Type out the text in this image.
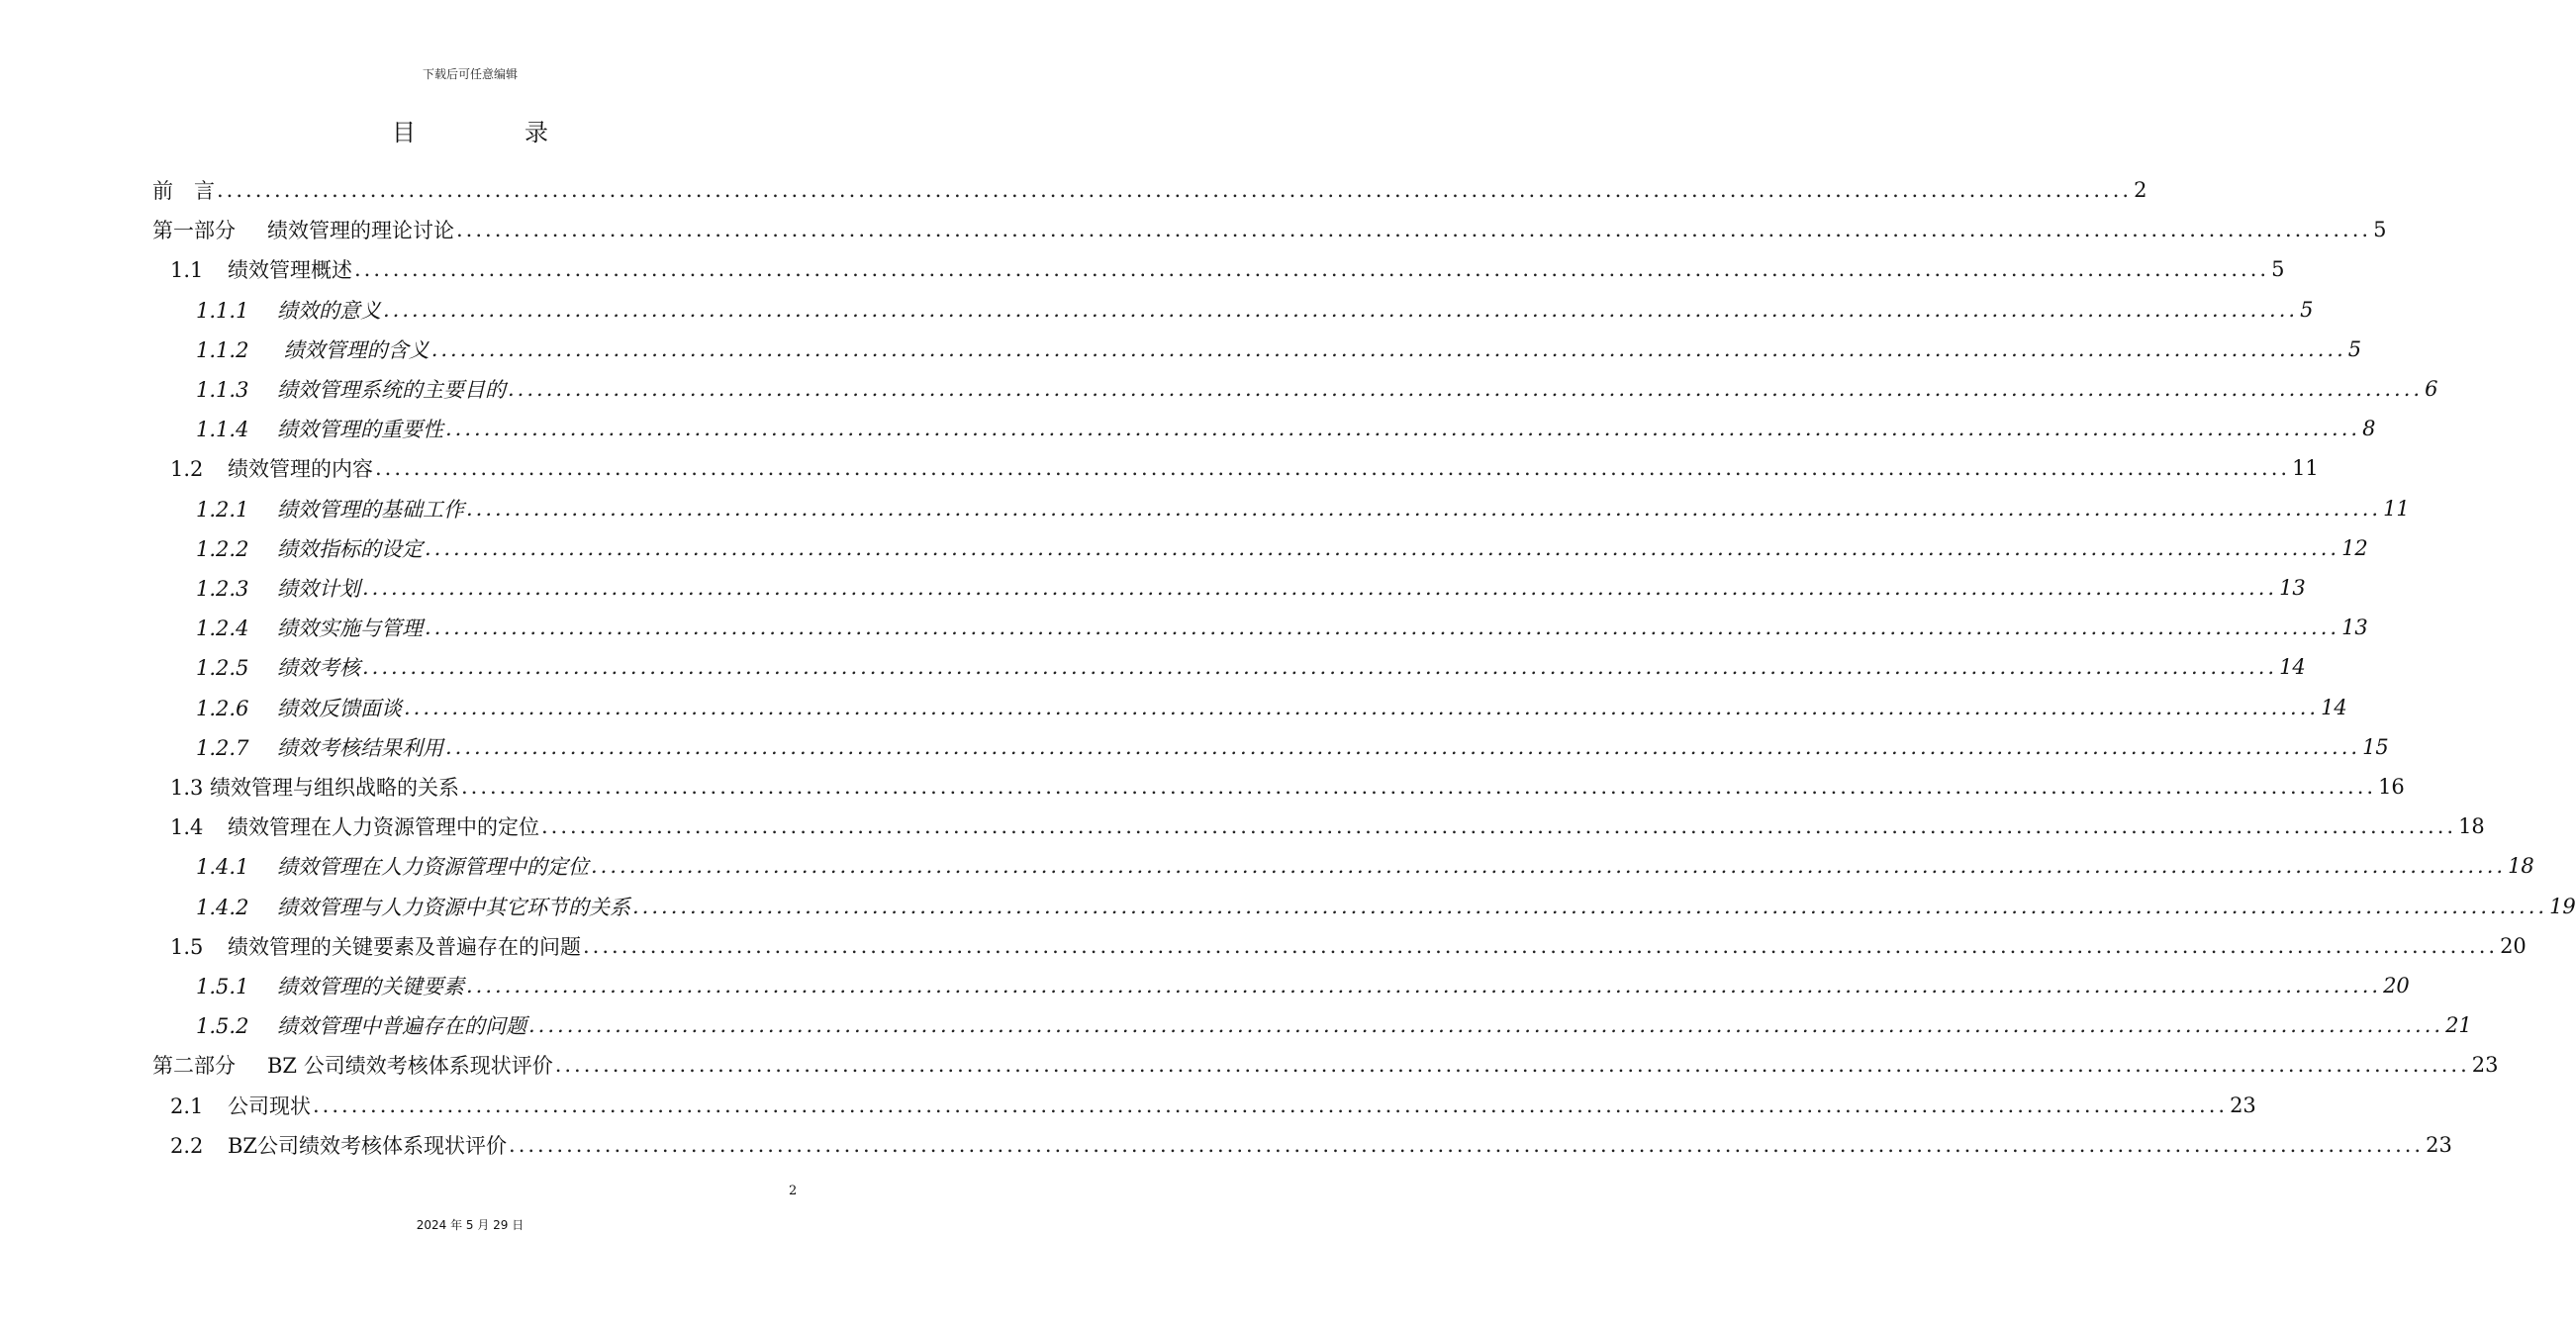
下载后可任意编辑
目	录
前　言 ........................................................................................................................................................................................................ 2
第一部分 绩效管理的理论讨论 ........................................................................................................................................................................................................ 5
1.1 绩效管理概述 ........................................................................................................................................................................................................ 5
1.1.1 绩效的意义 ........................................................................................................................................................................................................ 5
1.1.2 绩效管理的含义 ........................................................................................................................................................................................................ 5
1.1.3 绩效管理系统的主要目的 ........................................................................................................................................................................................................ 6
1.1.4 绩效管理的重要性 ........................................................................................................................................................................................................ 8
1.2 绩效管理的内容 ........................................................................................................................................................................................................ 11
1.2.1 绩效管理的基础工作 ........................................................................................................................................................................................................ 11
1.2.2 绩效指标的设定 ........................................................................................................................................................................................................ 12
1.2.3 绩效计划 ........................................................................................................................................................................................................ 13
1.2.4 绩效实施与管理 ........................................................................................................................................................................................................ 13
1.2.5 绩效考核 ........................................................................................................................................................................................................ 14
1.2.6 绩效反馈面谈 ........................................................................................................................................................................................................ 14
1.2.7 绩效考核结果利用 ........................................................................................................................................................................................................ 15
1.3 绩效管理与组织战略的关系 ........................................................................................................................................................................................................ 16
1.4 绩效管理在人力资源管理中的定位 ........................................................................................................................................................................................................ 18
1.4.1 绩效管理在人力资源管理中的定位 ........................................................................................................................................................................................................ 18
1.4.2 绩效管理与人力资源中其它环节的关系 ........................................................................................................................................................................................................ 19
1.5 绩效管理的关键要素及普遍存在的问题 ........................................................................................................................................................................................................ 20
1.5.1 绩效管理的关键要素 ........................................................................................................................................................................................................ 20
1.5.2 绩效管理中普遍存在的问题 ........................................................................................................................................................................................................ 21
第二部分 BZ 公司绩效考核体系现状评价 ........................................................................................................................................................................................................ 23
2.1 公司现状 ........................................................................................................................................................................................................ 23
2.2 BZ公司绩效考核体系现状评价 ........................................................................................................................................................................................................ 23
2
2024 年 5 月 29 日
